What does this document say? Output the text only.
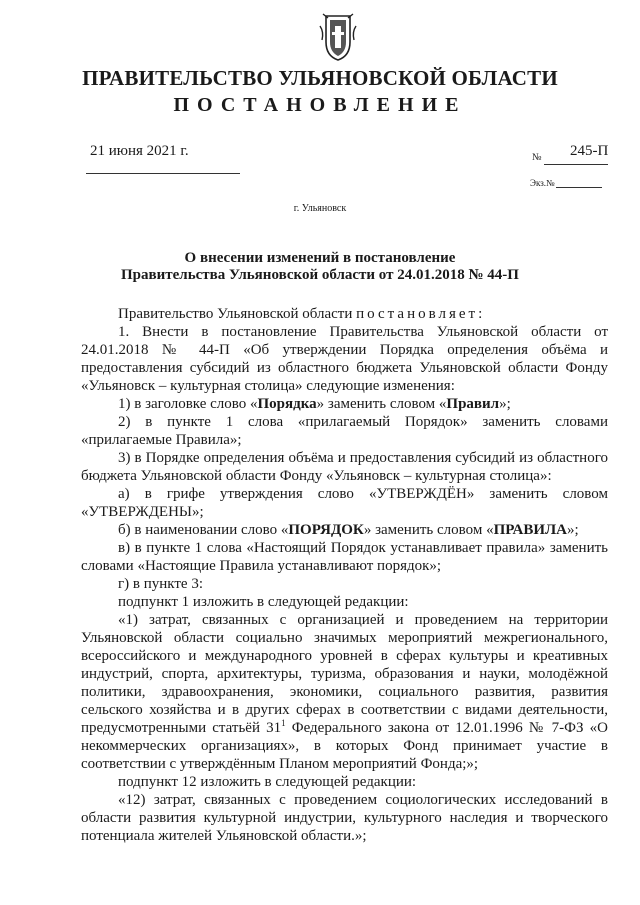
ПРАВИТЕЛЬСТВО УЛЬЯНОВСКОЙ ОБЛАСТИ
ПОСТАНОВЛЕНИЕ
21 июня 2021 г.	№ 245-П
Экз.№
г. Ульяновск
О внесении изменений в постановление
Правительства Ульяновской области от 24.01.2018 № 44-П

Правительство Ульяновской области постановляет:

1. Внести в постановление Правительства Ульяновской области от 24.01.2018 № 44-П «Об утверждении Порядка определения объёма и предоставления субсидий из областного бюджета Ульяновской области Фонду «Ульяновск – культурная столица» следующие изменения:

1) в заголовке слово «Порядка» заменить словом «Правил»;

2) в пункте 1 слова «прилагаемый Порядок» заменить словами «прилагаемые Правила»;

3) в Порядке определения объёма и предоставления субсидий из областного бюджета Ульяновской области Фонду «Ульяновск – культурная столица»:

а) в грифе утверждения слово «УТВЕРЖДЁН» заменить словом «УТВЕРЖДЕНЫ»;

б) в наименовании слово «ПОРЯДОК» заменить словом «ПРАВИЛА»;

в) в пункте 1 слова «Настоящий Порядок устанавливает правила» заменить словами «Настоящие Правила устанавливают порядок»;

г) в пункте 3:

подпункт 1 изложить в следующей редакции:

«1) затрат, связанных с организацией и проведением на территории Ульяновской области социально значимых мероприятий межрегионального, всероссийского и международного уровней в сферах культуры и креативных индустрий, спорта, архитектуры, туризма, образования и науки, молодёжной политики, здравоохранения, экономики, социального развития, развития сельского хозяйства и в других сферах в соответствии с видами деятельности, предусмотренными статьёй $31^1$ Федерального закона от 12.01.1996 № 7-ФЗ «О некоммерческих организациях», в которых Фонд принимает участие в соответствии с утверждённым Планом мероприятий Фонда;»;

подпункт 12 изложить в следующей редакции:

«12) затрат, связанных с проведением социологических исследований в области развития культурной индустрии, культурного наследия и творческого потенциала жителей Ульяновской области.»;
